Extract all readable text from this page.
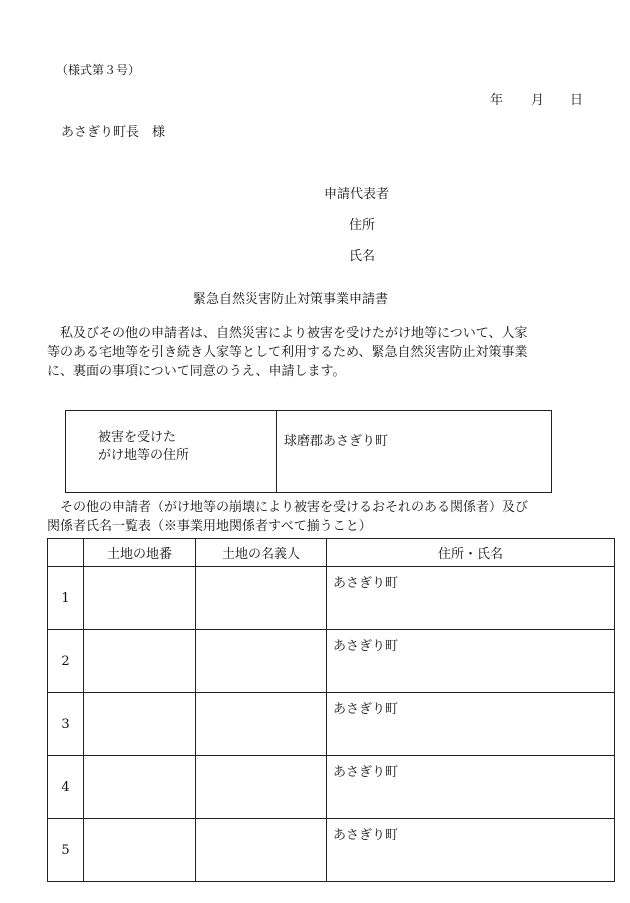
（様式第３号）
年 月 日
あさぎり町長　様
申請代表者
住所
氏名
緊急自然災害防止対策事業申請書
　私及びその他の申請者は、自然災害により被害を受けたがけ地等について、人家
等のある宅地等を引き続き人家等として利用するため、緊急自然災害防止対策事業
に、裏面の事項について同意のうえ、申請します。
被害を受けた
がけ地等の住所
	球磨郡あさぎり町
　その他の申請者（がけ地等の崩壊により被害を受けるおそれのある関係者）及び
関係者氏名一覧表（※事業用地関係者すべて揃うこと）
	土地の地番	土地の名義人	住所・氏名
1			あさぎり町
2			あさぎり町
3			あさぎり町
4			あさぎり町
5			あさぎり町
